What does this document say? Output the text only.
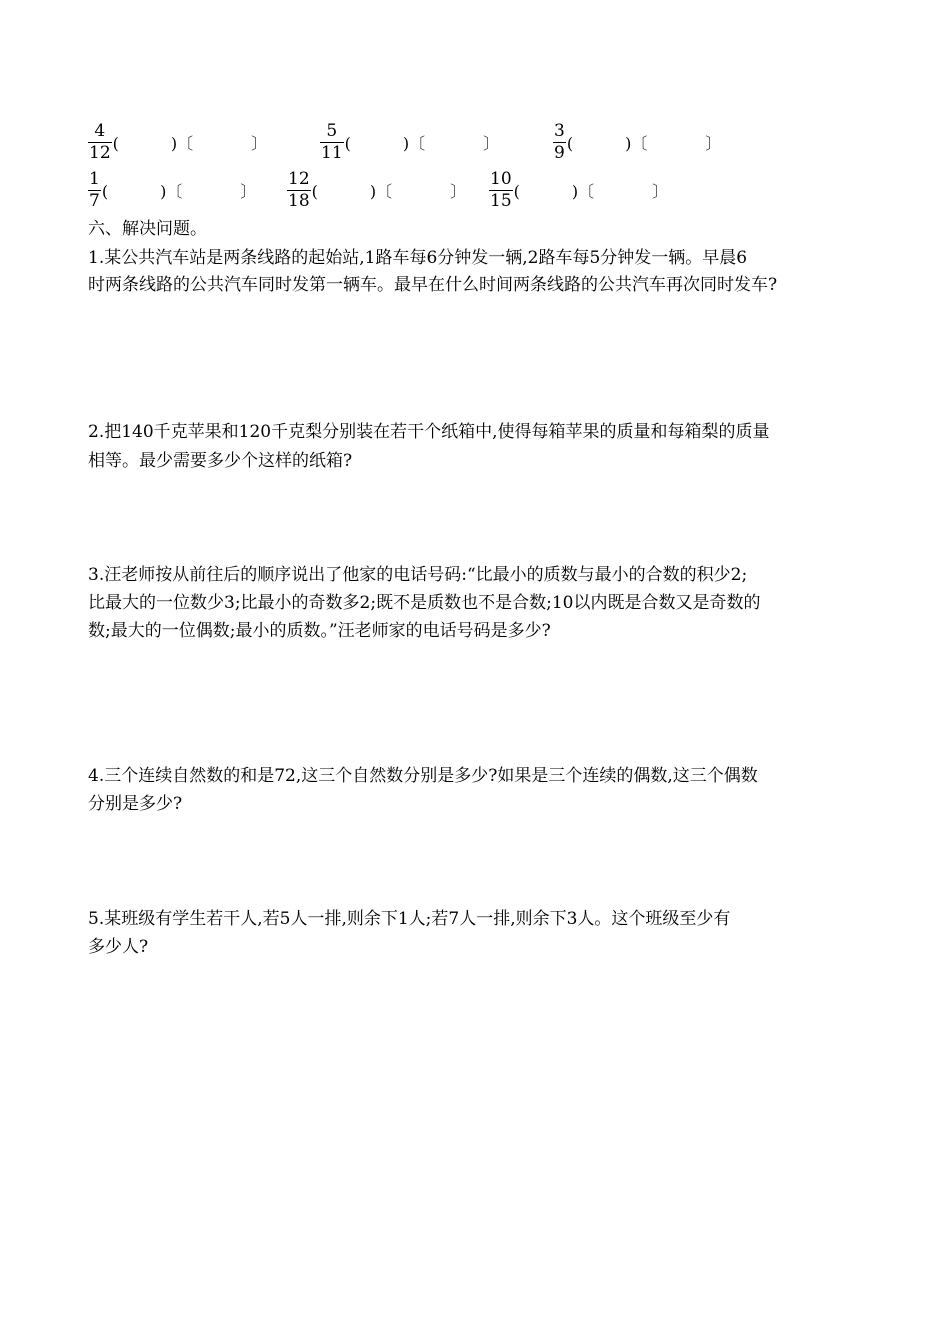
$\frac{4}{12}$ (	)〔	〕	$\frac{5}{11}$ (	)〔	〕	$\frac{3}{9}$ (	)〔	〕
$\frac{1}{7}$ (	)〔	〕 $\frac{12}{18}$ (	)〔	〕 $\frac{10}{15}$ (	)〔	〕
六、解决问题。
1.某公共汽车站是两条线路的起始站,1路车每6分钟发一辆,2路车每5分钟发一辆。早晨6
时两条线路的公共汽车同时发第一辆车。最早在什么时间两条线路的公共汽车再次同时发车?
2.把140千克苹果和120千克梨分别装在若干个纸箱中,使得每箱苹果的质量和每箱梨的质量
相等。最少需要多少个这样的纸箱?
3.汪老师按从前往后的顺序说出了他家的电话号码:“比最小的质数与最小的合数的积少2;
比最大的一位数少3;比最小的奇数多2;既不是质数也不是合数;10以内既是合数又是奇数的
数;最大的一位偶数;最小的质数。”汪老师家的电话号码是多少?
4.三个连续自然数的和是72,这三个自然数分别是多少?如果是三个连续的偶数,这三个偶数
分别是多少?
5.某班级有学生若干人,若5人一排,则余下1人;若7人一排,则余下3人。这个班级至少有
多少人?
